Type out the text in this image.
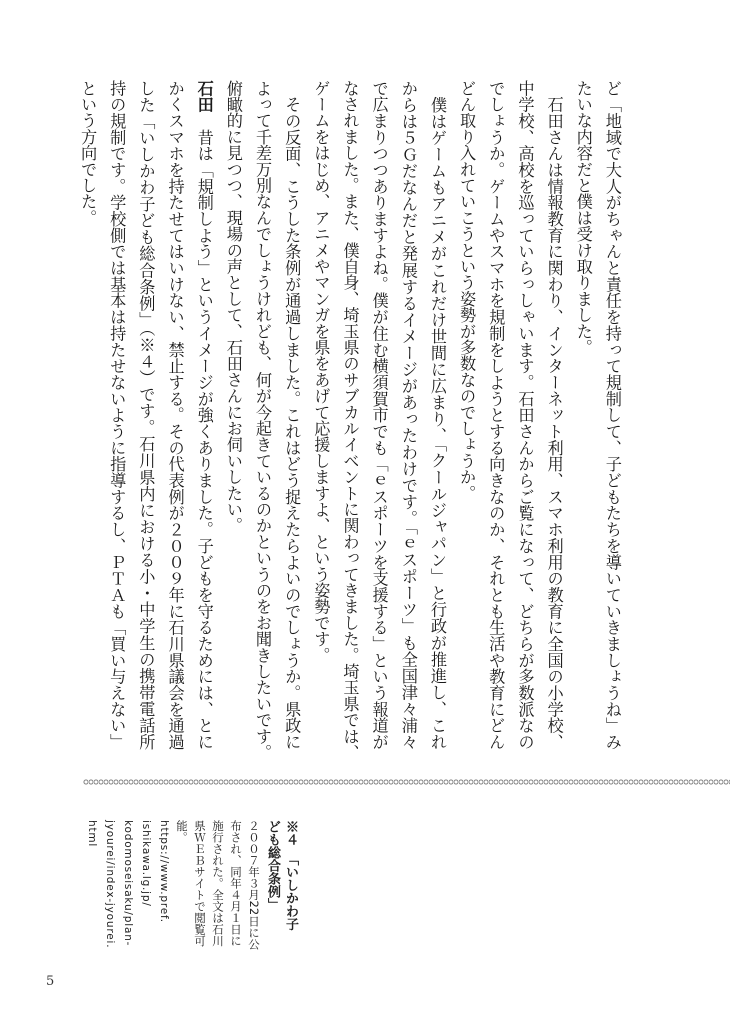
ど「地域で大人がちゃんと責任を持って規制して、子どもたちを導いていきましょうね」み
たいな内容だと僕は受け取りました。
　石田さんは情報教育に関わり、インターネット利用、スマホ利用の教育に全国の小学校、
中学校、高校を巡っていらっしゃいます。石田さんからご覧になって、どちらが多数派なの
でしょうか。ゲームやスマホを規制をしようとする向きなのか、それとも生活や教育にどん
どん取り入れていこうという姿勢が多数なのでしょうか。
　僕はゲームもアニメがこれだけ世間に広まり、「クールジャパン」と行政が推進し、これ
からは５Ｇだなんだと発展するイメージがあったわけです。「ｅスポーツ」も全国津々浦々
で広まりつつありますよね。僕が住む横須賀市でも「ｅスポーツを支援する」という報道が
なされました。また、僕自身、埼玉県のサブカルイベントに関わってきました。埼玉県では、
ゲームをはじめ、アニメやマンガを県をあげて応援しますよ、という姿勢です。
　その反面、こうした条例が通過しました。これはどう捉えたらよいのでしょうか。県政に
よって千差万別なんでしょうけれども、何が今起きているのかというのをお聞きしたいです。
俯瞰的に見つつ、現場の声として、石田さんにお伺いしたい。
石田　昔は「規制しよう」というイメージが強くありました。子どもを守るためには、とに
かくスマホを持たせてはいけない、禁止する。その代表例が２００９年に石川県議会を通過
した「いしかわ子ども総合条例」（※４）です。石川県内における小・中学生の携帯電話所
持の規制です。学校側では基本は持たせないように指導するし、ＰＴＡも「買い与えない」
という方向でした。
※４　「いしかわ子
ども総合条例」
２００７年３月22日に公
布され、同年４月１日に
施行された。全文は石川
県ＷＥＢサイトで閲覧可
能。
https://www.pref.
ishikawa.lg.jp/
kodomoseisaku/plan-
jyourei/index-jyourei.
html
5
